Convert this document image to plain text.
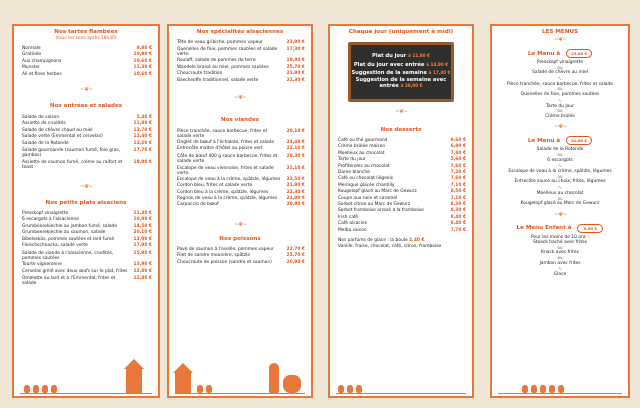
Nos tartes flambées
(tous les soirs après 18h30)
Normale	9,80 €
Gratinée	10,90 €
Aux champignons	10,60 €
Munster	11,30 €
Ail et fines herbes	10,60 €
~❦~
Nos entrées et salades
Salade de saison	5,40 €
Assiette de crudités	11,80 €
Salade de chèvre chaud au miel	13,70 €
Salade verte (Emmental et cervelas)	12,40 €
Salade de la Rotonde	13,20 €
Salade gourmande (saumon fumé, foie gras, gambas)
17,70 €
Assiette de saumon fumé, crème au raifort et toast
18,90 €
~❦~
Nos petits plats alsaciens
Presskopf vinaigrette	11,30 €
6 escargots à l'alsacienne	10,90 €
Grumbeerekiechle au jambon fumé, salade	14,50 €
Grumbeerekiechle au saumon, salade	20,10 €
Bibeleskäs, pommes sautées et lard fumé	13,90 €
Fleischschnacka, salade verte	17,90 €
Salade de viande à l'alsacienne, crudités, pommes sautées
15,90 €
Tourte vigneronne	13,90 €
Cervelas grillé avec deux œufs sur le plat, frites 12,80 €
Omelette au lard et à l'Emmental, frites et salade
12,80 €
Nos spécialités alsaciennes
Tête de veau gribiche, pommes vapeur	23,90 €
Quenelles de foie, pommes sautées et salade verte
17,30 €
Roulaff, salade de pommes de terre	19,90 €
Waedele braisé au miel, pommes sautées	25,70 €
Choucroute tradition	21,90 €
Baeckeoffe traditionnel, salade verte	21,30 €
~❦~
Nos viandes
Pièce tranchée, sauce barbecue, frites et salade verte
20,10 €
Onglet de bœuf à l'échalote, frites et salade	21,40 €
Entrecôte maître d'hôtel au poivre vert	22,10 €
Côte de bœuf 400 g sauce barbecue, frites et salade verte
29,30 €
Escalope de veau viennoise, frites et salade verte
21,10 €
Escalope de veau à la crème, spätzle, légumes 22,50 €
Cordon bleu, frites et salade verte	21,90 €
Cordon bleu à la crème, spätzle, légumes	22,30 €
Rognon de veau à la crème, spätzle, légumes 21,80 €
Carpaccio de bœuf	20,90 €
~❦~
Nos poissons
Pavé de saumon à l'oseille, pommes vapeur	22,70 €
Filet de sandre meunière, spätzle	25,70 €
Choucroute de poisson (sandre et saumon)	26,90 €
Chaque jour (uniquement à midi)
Plat du jour à 12,80 €
Plat du jour avec entrée à 14,90 €
Suggestion de la semaine à 17,40 €
Suggestion de la semaine avec entrée à 20,90 €
~❦~
Nos desserts
Café ou thé gourmand	8,60 €
Crème brûlée maison	6,80 €
Moelleux au chocolat	7,80 €
Tarte du jour	5,60 €
Profiteroles au chocolat	7,60 €
Dame blanche	7,20 €
Café ou chocolat liégeois	7,60 €
Meringue glacée chantilly	7,10 €
Kougelopf glacé au Marc de Gewurz	8,50 €
Coupe aux noix et caramel	7,10 €
Sorbet citron au Marc de Gewurz	8,30 €
Sorbet framboise arrosé à la framboise	8,30 €
Irish café	8,40 €
Café alsacien	8,40 €
Melba saison	7,70 €
Nos parfums de glace : la boule 2,40 €
Vanille, fraise, chocolat, café, citron, framboise
LES MENUS
~❦~
Le Menu à	23,80 €
Presskopf vinaigrette
ou
Salade de chèvre au miel
∿
Pièce tranchée, sauce barbecue, frites et salade
ou
Quenelles de foie, pommes sautées
∿
Tarte du Jour
ou
Crème brûlée
~❦~
Le Menu à	30,80 €
Salade de la Rotonde
ou
6 escargots
∿
Escalope de veau à la crème, spätzle, légumes
ou
Entrecôte sauce au choix, frites, légumes
∿
Moelleux au chocolat
ou
Kougelopf glacé au Marc de Gewurz
~❦~
Le Menu Enfant à	9,90 €
Pour les moins de 10 ans :
Steack haché avec frites
ou
Knack avec frites
ou
Jambon avec frites
∿
Glace
